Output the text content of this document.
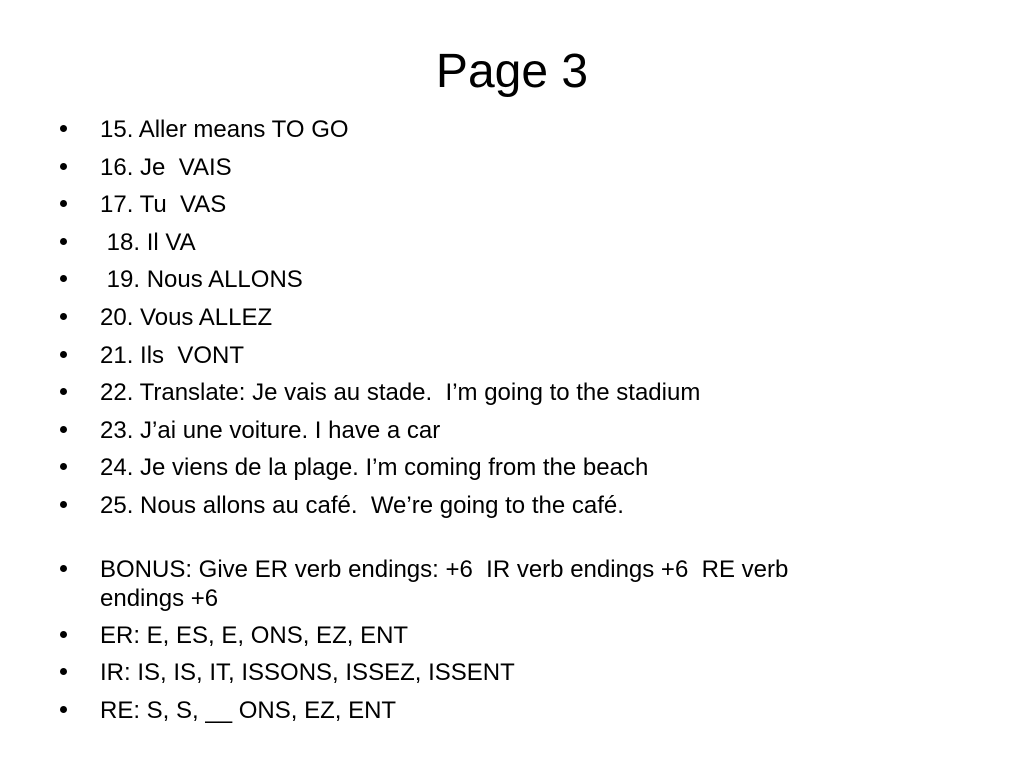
Page 3
15. Aller means TO GO
16. Je  VAIS
17. Tu  VAS
18. Il VA
19. Nous ALLONS
20. Vous ALLEZ
21. Ils  VONT
22. Translate: Je vais au stade.  I’m going to the stadium
23. J’ai une voiture. I have a car
24. Je viens de la plage. I’m coming from the beach
25. Nous allons au café.  We’re going to the café.
BONUS: Give ER verb endings: +6  IR verb endings +6  RE verb
endings +6
ER: E, ES, E, ONS, EZ, ENT
IR: IS, IS, IT, ISSONS, ISSEZ, ISSENT
RE: S, S, __ ONS, EZ, ENT
